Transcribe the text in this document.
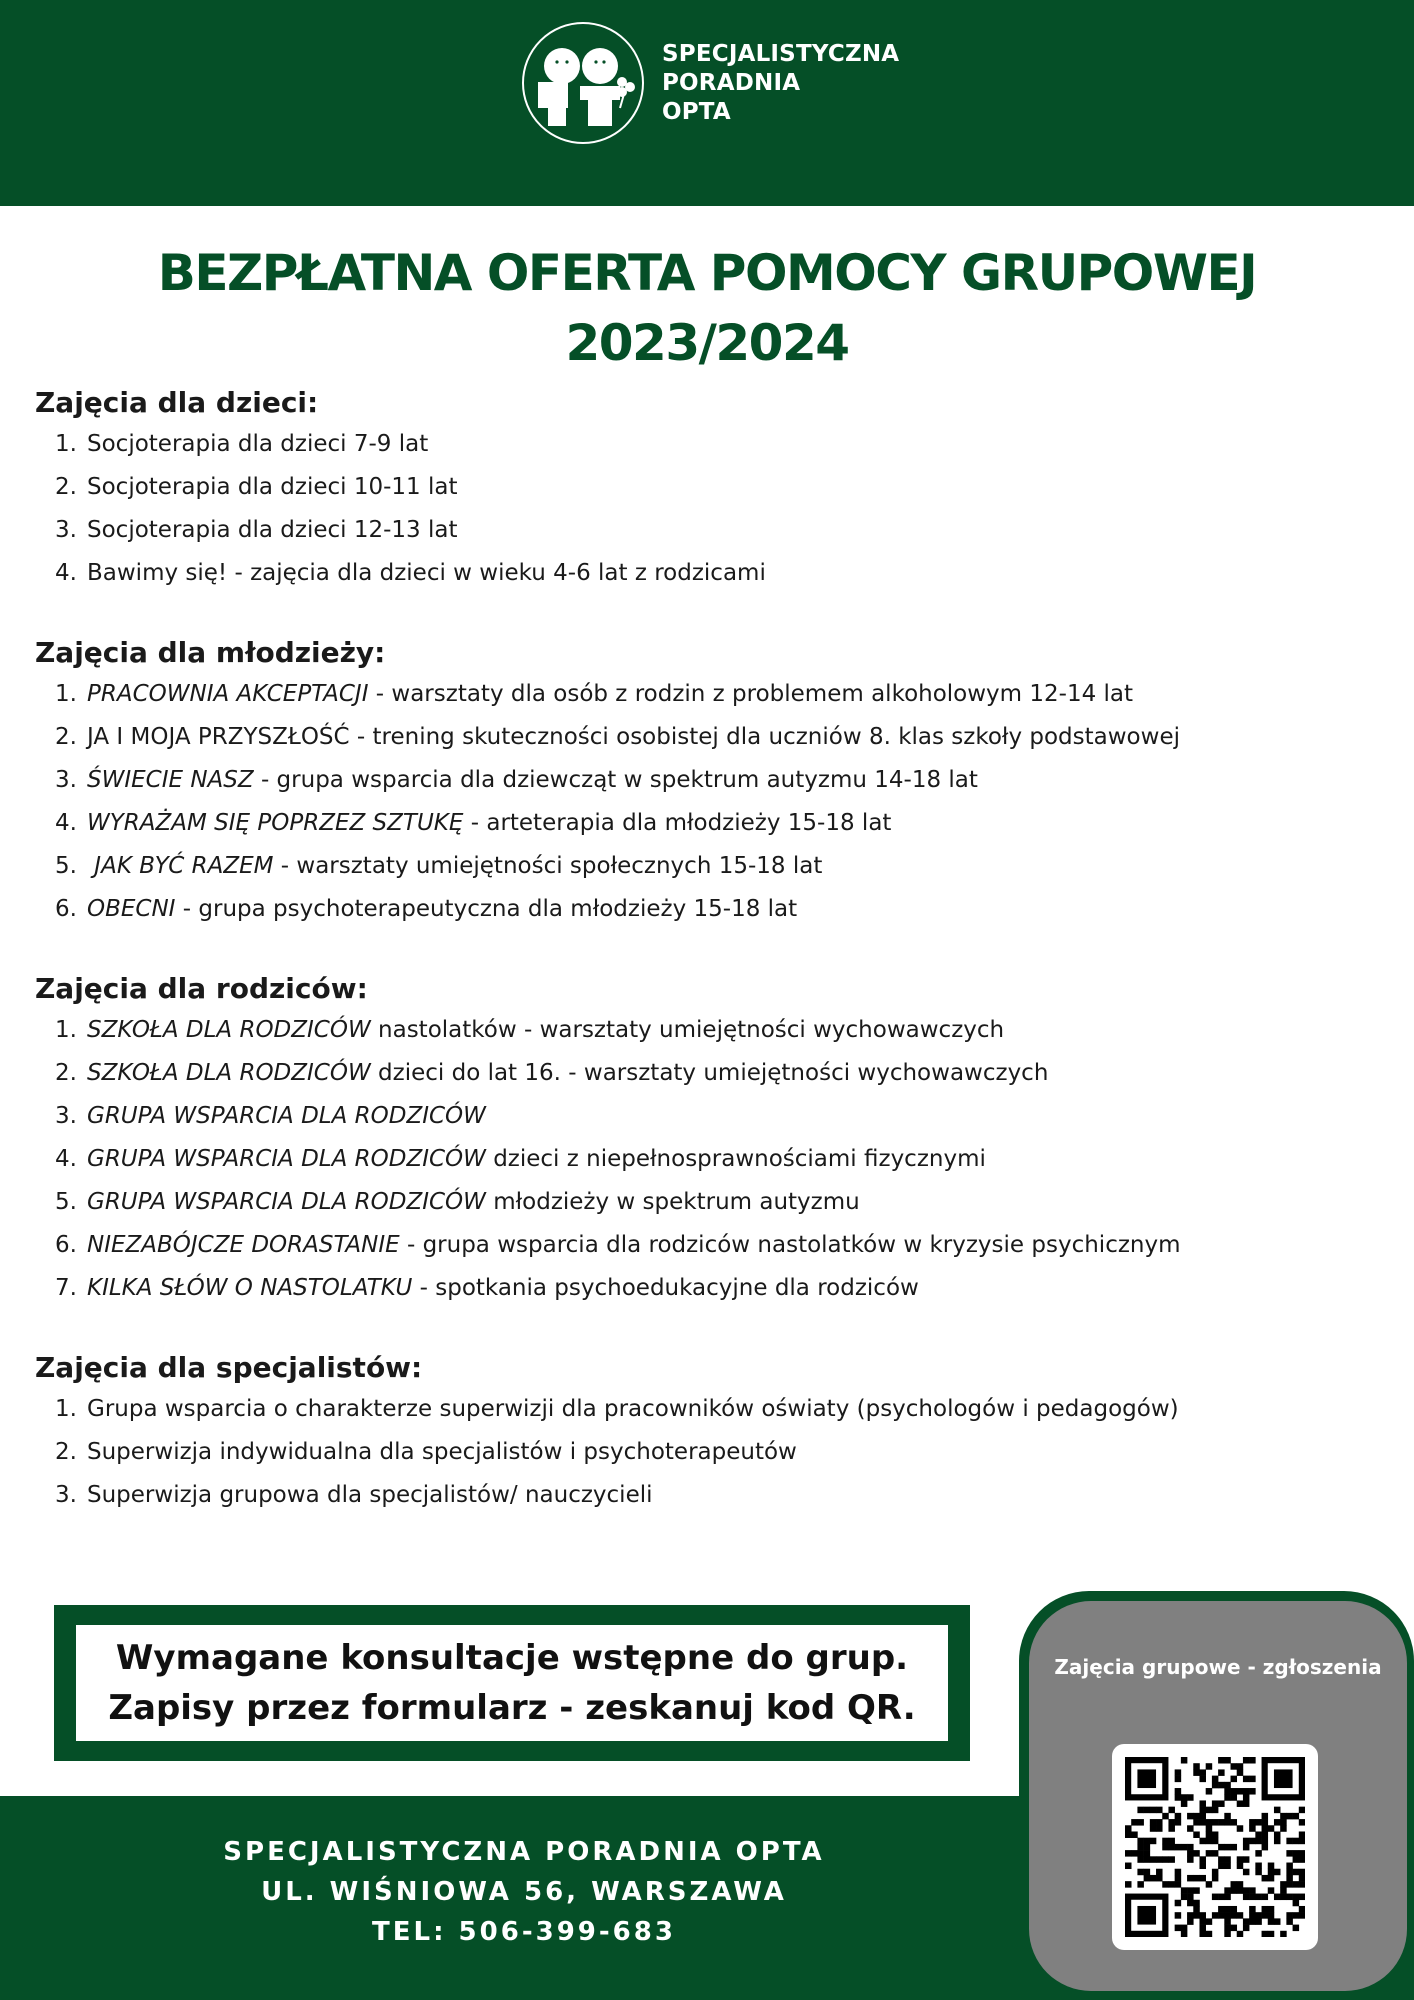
SPECJALISTYCZNA
PORADNIA
OPTA
BEZPŁATNA OFERTA POMOCY GRUPOWEJ
2023/2024
Zajęcia dla dzieci:
1. Socjoterapia dla dzieci 7-9 lat
2. Socjoterapia dla dzieci 10-11 lat
3. Socjoterapia dla dzieci 12-13 lat
4. Bawimy się! - zajęcia dla dzieci w wieku 4-6 lat z rodzicami
Zajęcia dla młodzieży:
1. PRACOWNIA AKCEPTACJI - warsztaty dla osób z rodzin z problemem alkoholowym 12-14 lat
2. JA I MOJA PRZYSZŁOŚĆ - trening skuteczności osobistej dla uczniów 8. klas szkoły podstawowej
3. ŚWIECIE NASZ - grupa wsparcia dla dziewcząt w spektrum autyzmu 14-18 lat
4. WYRAŻAM SIĘ POPRZEZ SZTUKĘ - arteterapia dla młodzieży 15-18 lat
5. JAK BYĆ RAZEM - warsztaty umiejętności społecznych 15-18 lat
6. OBECNI - grupa psychoterapeutyczna dla młodzieży 15-18 lat
Zajęcia dla rodziców:
1. SZKOŁA DLA RODZICÓW nastolatków - warsztaty umiejętności wychowawczych
2. SZKOŁA DLA RODZICÓW dzieci do lat 16. - warsztaty umiejętności wychowawczych
3. GRUPA WSPARCIA DLA RODZICÓW
4. GRUPA WSPARCIA DLA RODZICÓW dzieci z niepełnosprawnościami fizycznymi
5. GRUPA WSPARCIA DLA RODZICÓW młodzieży w spektrum autyzmu
6. NIEZABÓJCZE DORASTANIE - grupa wsparcia dla rodziców nastolatków w kryzysie psychicznym
7. KILKA SŁÓW O NASTOLATKU - spotkania psychoedukacyjne dla rodziców
Zajęcia dla specjalistów:
1. Grupa wsparcia o charakterze superwizji dla pracowników oświaty (psychologów i pedagogów)
2. Superwizja indywidualna dla specjalistów i psychoterapeutów
3. Superwizja grupowa dla specjalistów/ nauczycieli
Wymagane konsultacje wstępne do grup.
Zapisy przez formularz - zeskanuj kod QR.
SPECJALISTYCZNA PORADNIA OPTA
UL. WIŚNIOWA 56, WARSZAWA
TEL: 506-399-683
Zajęcia grupowe - zgłoszenia
